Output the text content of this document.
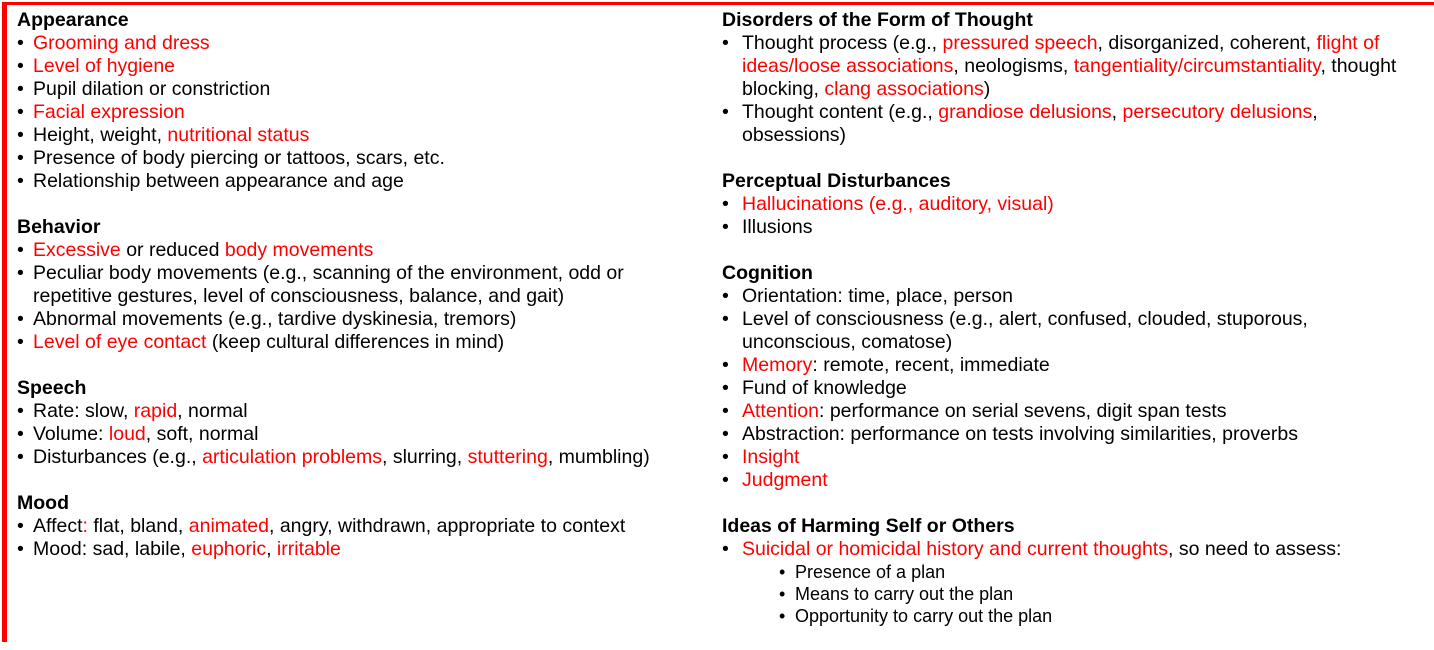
Appearance
• Grooming and dress
• Level of hygiene
• Pupil dilation or constriction
• Facial expression
• Height, weight, nutritional status
• Presence of body piercing or tattoos, scars, etc.
• Relationship between appearance and age
Behavior
• Excessive or reduced body movements
• Peculiar body movements (e.g., scanning of the environment, odd or repetitive gestures, level of consciousness, balance, and gait)
• Abnormal movements (e.g., tardive dyskinesia, tremors)
• Level of eye contact (keep cultural differences in mind)
Speech
• Rate: slow, rapid, normal
• Volume: loud, soft, normal
• Disturbances (e.g., articulation problems, slurring, stuttering, mumbling)
Mood
• Affect: flat, bland, animated, angry, withdrawn, appropriate to context
• Mood: sad, labile, euphoric, irritable
Disorders of the Form of Thought
• Thought process (e.g., pressured speech, disorganized, coherent, flight of ideas/loose associations, neologisms, tangentiality/circumstantiality, thought blocking, clang associations)
• Thought content (e.g., grandiose delusions, persecutory delusions, obsessions)
Perceptual Disturbances
• Hallucinations (e.g., auditory, visual)
• Illusions
Cognition
• Orientation: time, place, person
• Level of consciousness (e.g., alert, confused, clouded, stuporous, unconscious, comatose)
• Memory: remote, recent, immediate
• Fund of knowledge
• Attention: performance on serial sevens, digit span tests
• Abstraction: performance on tests involving similarities, proverbs
• Insight
• Judgment
Ideas of Harming Self or Others
• Suicidal or homicidal history and current thoughts, so need to assess:
• Presence of a plan
• Means to carry out the plan
• Opportunity to carry out the plan
